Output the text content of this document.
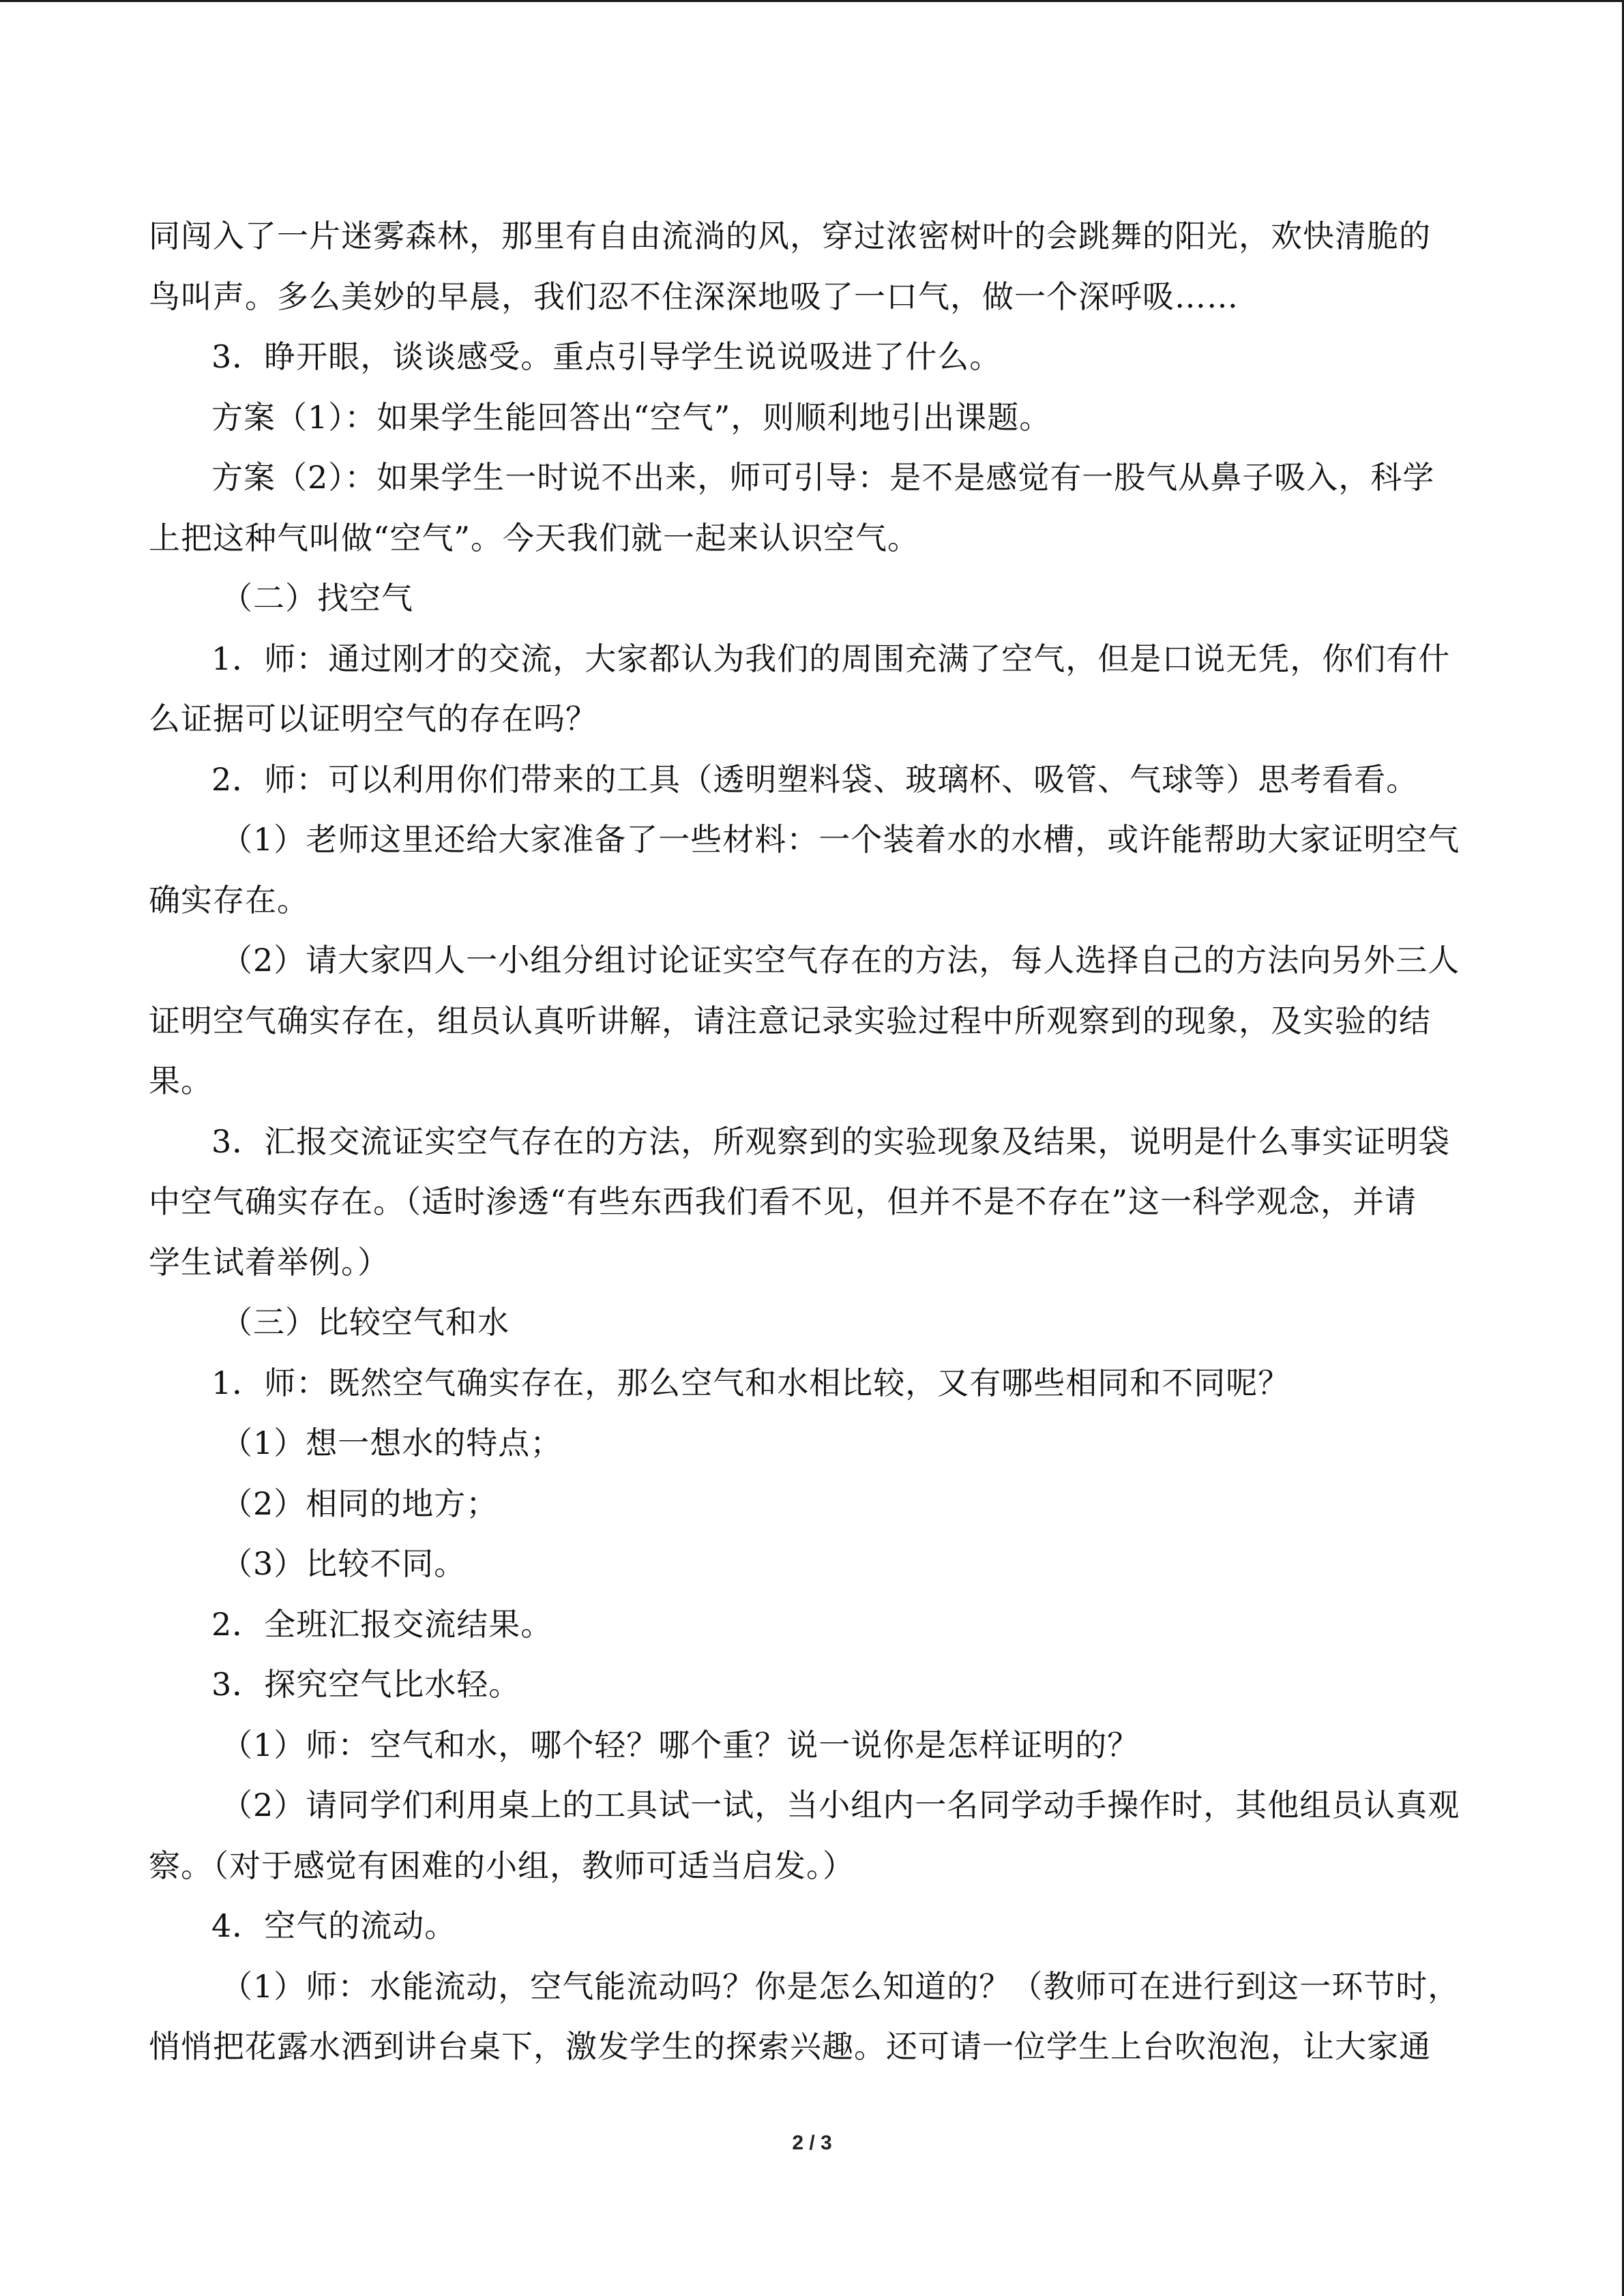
同闯入了一片迷雾森林，那里有自由流淌的风，穿过浓密树叶的会跳舞的阳光，欢快清脆的

鸟叫声。多么美妙的早晨，我们忍不住深深地吸了一口气，做一个深呼吸……

3．睁开眼，谈谈感受。重点引导学生说说吸进了什么。

方案（1）：如果学生能回答出“空气”，则顺利地引出课题。

方案（2）：如果学生一时说不出来，师可引导：是不是感觉有一股气从鼻子吸入，科学

上把这种气叫做“空气”。今天我们就一起来认识空气。

（二）找空气

1．师：通过刚才的交流，大家都认为我们的周围充满了空气，但是口说无凭，你们有什

么证据可以证明空气的存在吗？

2．师：可以利用你们带来的工具（透明塑料袋、玻璃杯、吸管、气球等）思考看看。

（1）老师这里还给大家准备了一些材料：一个装着水的水槽，或许能帮助大家证明空气

确实存在。

（2）请大家四人一小组分组讨论证实空气存在的方法，每人选择自己的方法向另外三人

证明空气确实存在，组员认真听讲解，请注意记录实验过程中所观察到的现象，及实验的结

果。

3．汇报交流证实空气存在的方法，所观察到的实验现象及结果，说明是什么事实证明袋

中空气确实存在。（适时渗透“有些东西我们看不见，但并不是不存在”这一科学观念，并请

学生试着举例。）

（三）比较空气和水

1．师：既然空气确实存在，那么空气和水相比较，又有哪些相同和不同呢？

（1）想一想水的特点；

（2）相同的地方；

（3）比较不同。

2．全班汇报交流结果。

3．探究空气比水轻。

（1）师：空气和水，哪个轻？哪个重？说一说你是怎样证明的？

（2）请同学们利用桌上的工具试一试，当小组内一名同学动手操作时，其他组员认真观

察。（对于感觉有困难的小组，教师可适当启发。）

4．空气的流动。

（1）师：水能流动，空气能流动吗？你是怎么知道的？（教师可在进行到这一环节时，

悄悄把花露水洒到讲台桌下，激发学生的探索兴趣。还可请一位学生上台吹泡泡，让大家通

2 / 3
